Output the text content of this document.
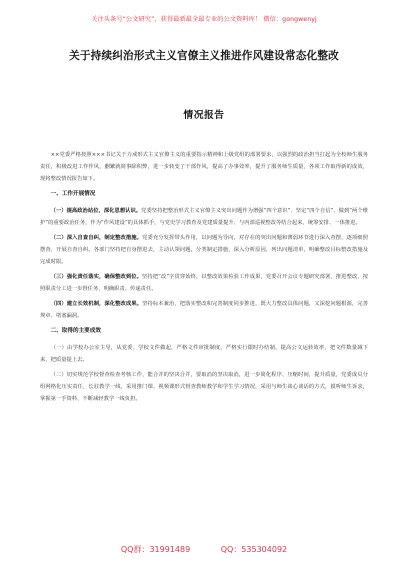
关注头条号“公文研究”，获得最新最全最专业的公文资料库！ 微信：gongwenyj
关于持续纠治形式主义官僚主义推进作风建设常态化整改
情况报告

××党委严格按照×××书记关于力戒形式主义官僚主义的重要指示精神和上级党组的部署要求，以强烈的政治担当扛起为全校师生服务责任，积极改进工作作风，删繁就简事除积弊，进一步转变了干部作风，提高了办事效率，提升了服务师生质量，各项工作取得新的成效，现将整改情况报告如下。

一、工作开展情况

（一）提高政治站位，深化思想认识。党委坚持把整治形式主义官僚主义突出问题作为增强“四个意识”、坚定“四个自信”、做到“两个维护”的重要政治任务，作为“作风建设”的具体抓手，与党史学习教育及党建质量提升、与内部巡视整改等结合起来，统筹安排、一体推进。

（二）深入自查自纠，制定整改措施。党委充分发挥带头作用，以问题为导向，对存在的突出问题和薄弱环节进行深入查摆，逐项细照摆查，开展自查自纠。各部门坚持把自身摆进去，主动认领问题，分类制定措施，深入分析原因，列出问题清单，明确整改目标整改措施及完成时限。

（三）强化责任落实，确保整改到位。坚持把“改”字贯穿始终，以整改效果检验工作成果，党委召开会议专题研究部署，推进整改，按照职责分工进一步督任务、明确职责、传递责任。

（四）建立长效机制，深化整改成果。坚持标本兼治，把落实整改和完善制度同步推进，既大力整改具体问题，又深挖问题根源，完善规章、堵塞漏洞。

二、取得的主要成效

（一）由学校办公室主导，从党委、学校文件做起，严格文件审批制度，严格实行限时办结制，提高公文运转效率，把文件数量减下来，把质量提上去。

（二）切实规范学校督查检查考核工作，能合并的坚决合并，要取消的坚决取消，进一步简化程序、压缩时间，提升质量，党委成员分组网格化压实责任，长驻教学一线，采用推门课、视频课形式督查教师教学和学生学习情况，采用与师生谈心谈话的方式，摸听师生诉求，掌握第一手资料，不断减轻教学一线负担。

QQ群：31991489	QQ：535304092
